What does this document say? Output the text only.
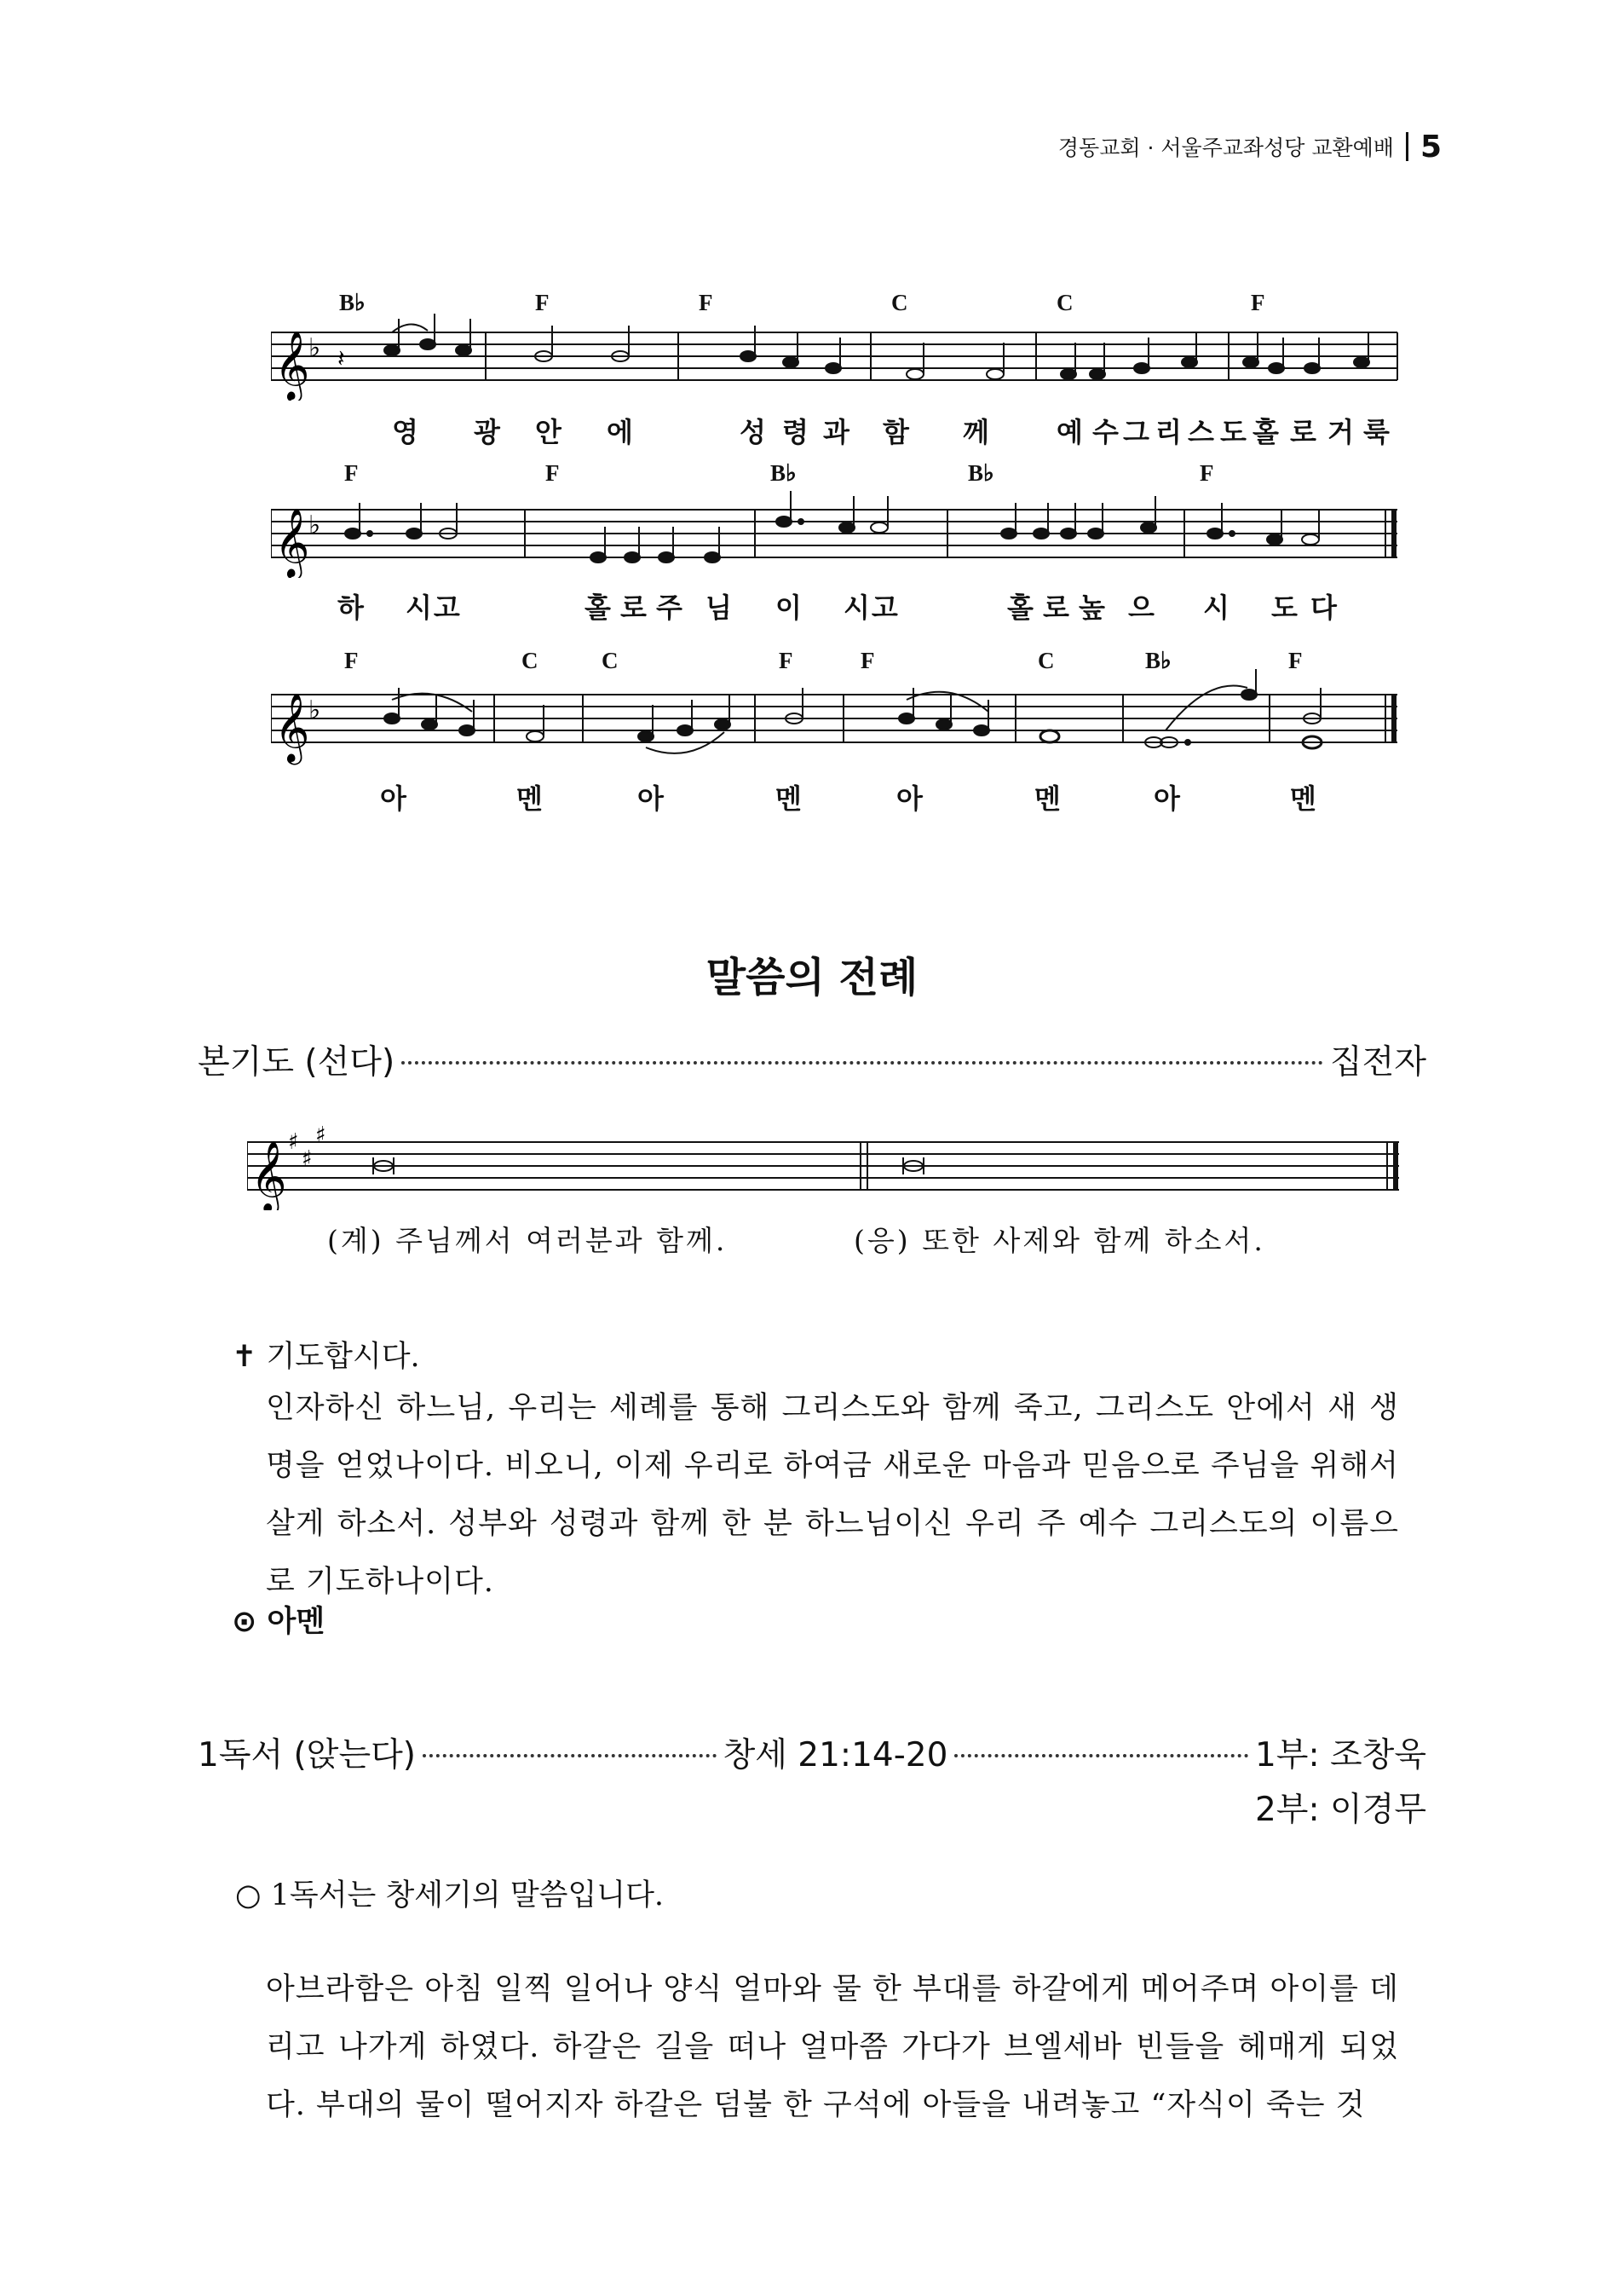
경동교회 · 서울주교좌성당 교환예배 5
B♭	F	F	C	C	F
𝄞
♭ 𝄽
영 광 안 에	성 령 과 함 께 예 수 그 리 스 도 홀 로 거 룩
F	F	B♭	B♭	F
𝄞
♭
하 시고	홀 로 주 님 이 시고	홀 로 높 으 시 도 다
F	C	C	F	F	C	B♭	F
𝄞
♭
아	멘	아	멘	아	멘	아	멘
말씀의 전례
본기도 (선다)	집전자
𝄞 ♯
♯
♯
(계) 주님께서 여러분과 함께.	(응) 또한 사제와 함께 하소서.
✝ 기도합시다.
인자하신 하느님, 우리는 세례를 통해 그리스도와 함께 죽고, 그리스도 안에서 새 생명을 얻었나이다. 비오니, 이제 우리로 하여금 새로운 마음과 믿음으로 주님을 위해서 살게 하소서. 성부와 성령과 함께 한 분 하느님이신 우리 주 예수 그리스도의 이름으로 기도하나이다.
⊙ 아멘
1독서 (앉는다)	창세 21:14-20	1부: 조창욱
2부: 이경무
○ 1독서는 창세기의 말씀입니다.
아브라함은 아침 일찍 일어나 양식 얼마와 물 한 부대를 하갈에게 메어주며 아이를 데리고 나가게 하였다. 하갈은 길을 떠나 얼마쯤 가다가 브엘세바 빈들을 헤매게 되었다. 부대의 물이 떨어지자 하갈은 덤불 한 구석에 아들을 내려놓고 “자식이 죽는 것
